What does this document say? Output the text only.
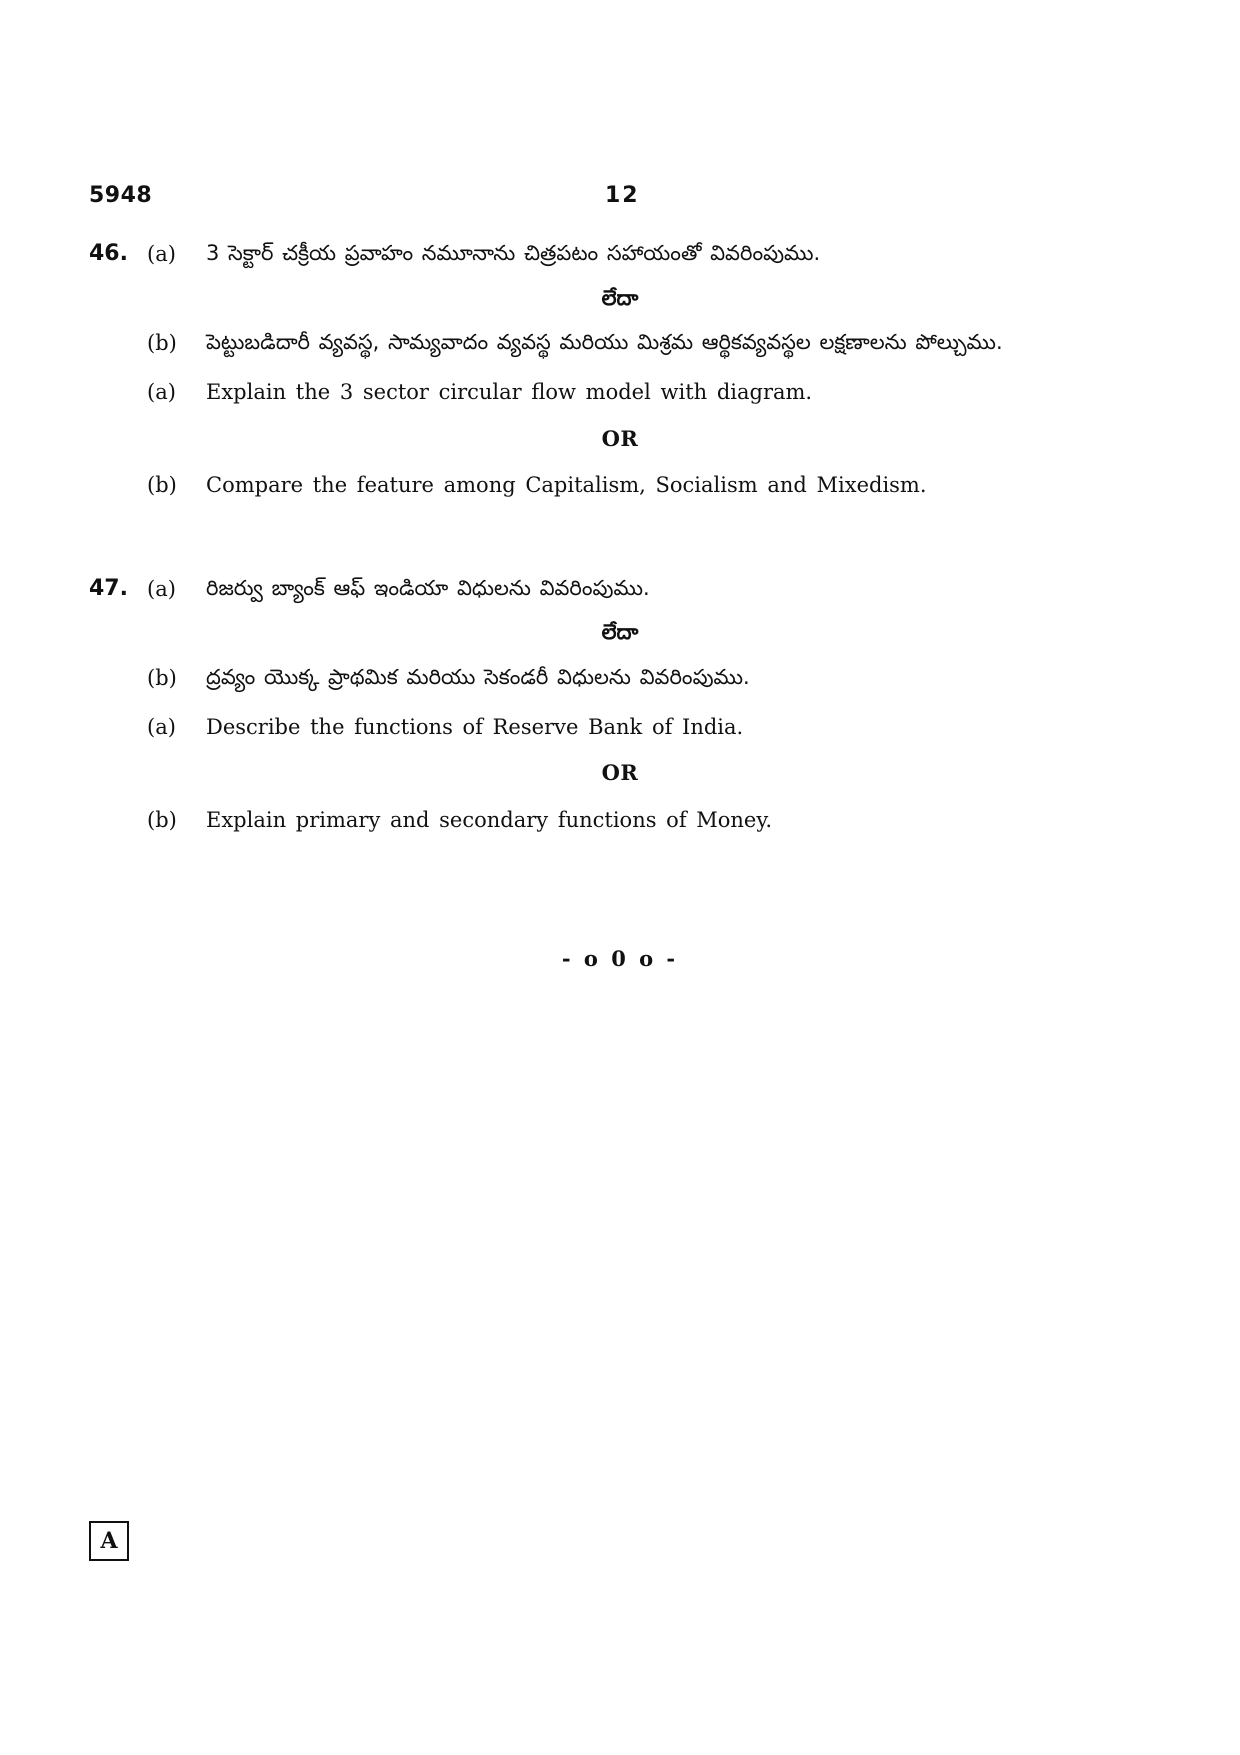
5948	12
46. (a) 3 సెక్టార్ చక్రీయ ప్రవాహం నమూనాను చిత్రపటం సహాయంతో వివరింపుము.
లేదా
(b) పెట్టుబడిదారీ వ్యవస్థ, సామ్యవాదం వ్యవస్థ మరియు మిశ్రమ ఆర్థికవ్యవస్థల లక్షణాలను పోల్చుము.
(a) Explain the 3 sector circular flow model with diagram.
OR
(b) Compare the feature among Capitalism, Socialism and Mixedism.
47. (a) రిజర్వు బ్యాంక్ ఆఫ్ ఇండియా విధులను వివరింపుము.
లేదా
(b) ద్రవ్యం యొక్క ప్రాథమిక మరియు సెకండరీ విధులను వివరింపుము.
(a) Describe the functions of Reserve Bank of India.
OR
(b) Explain primary and secondary functions of Money.
- o 0 o -
A
